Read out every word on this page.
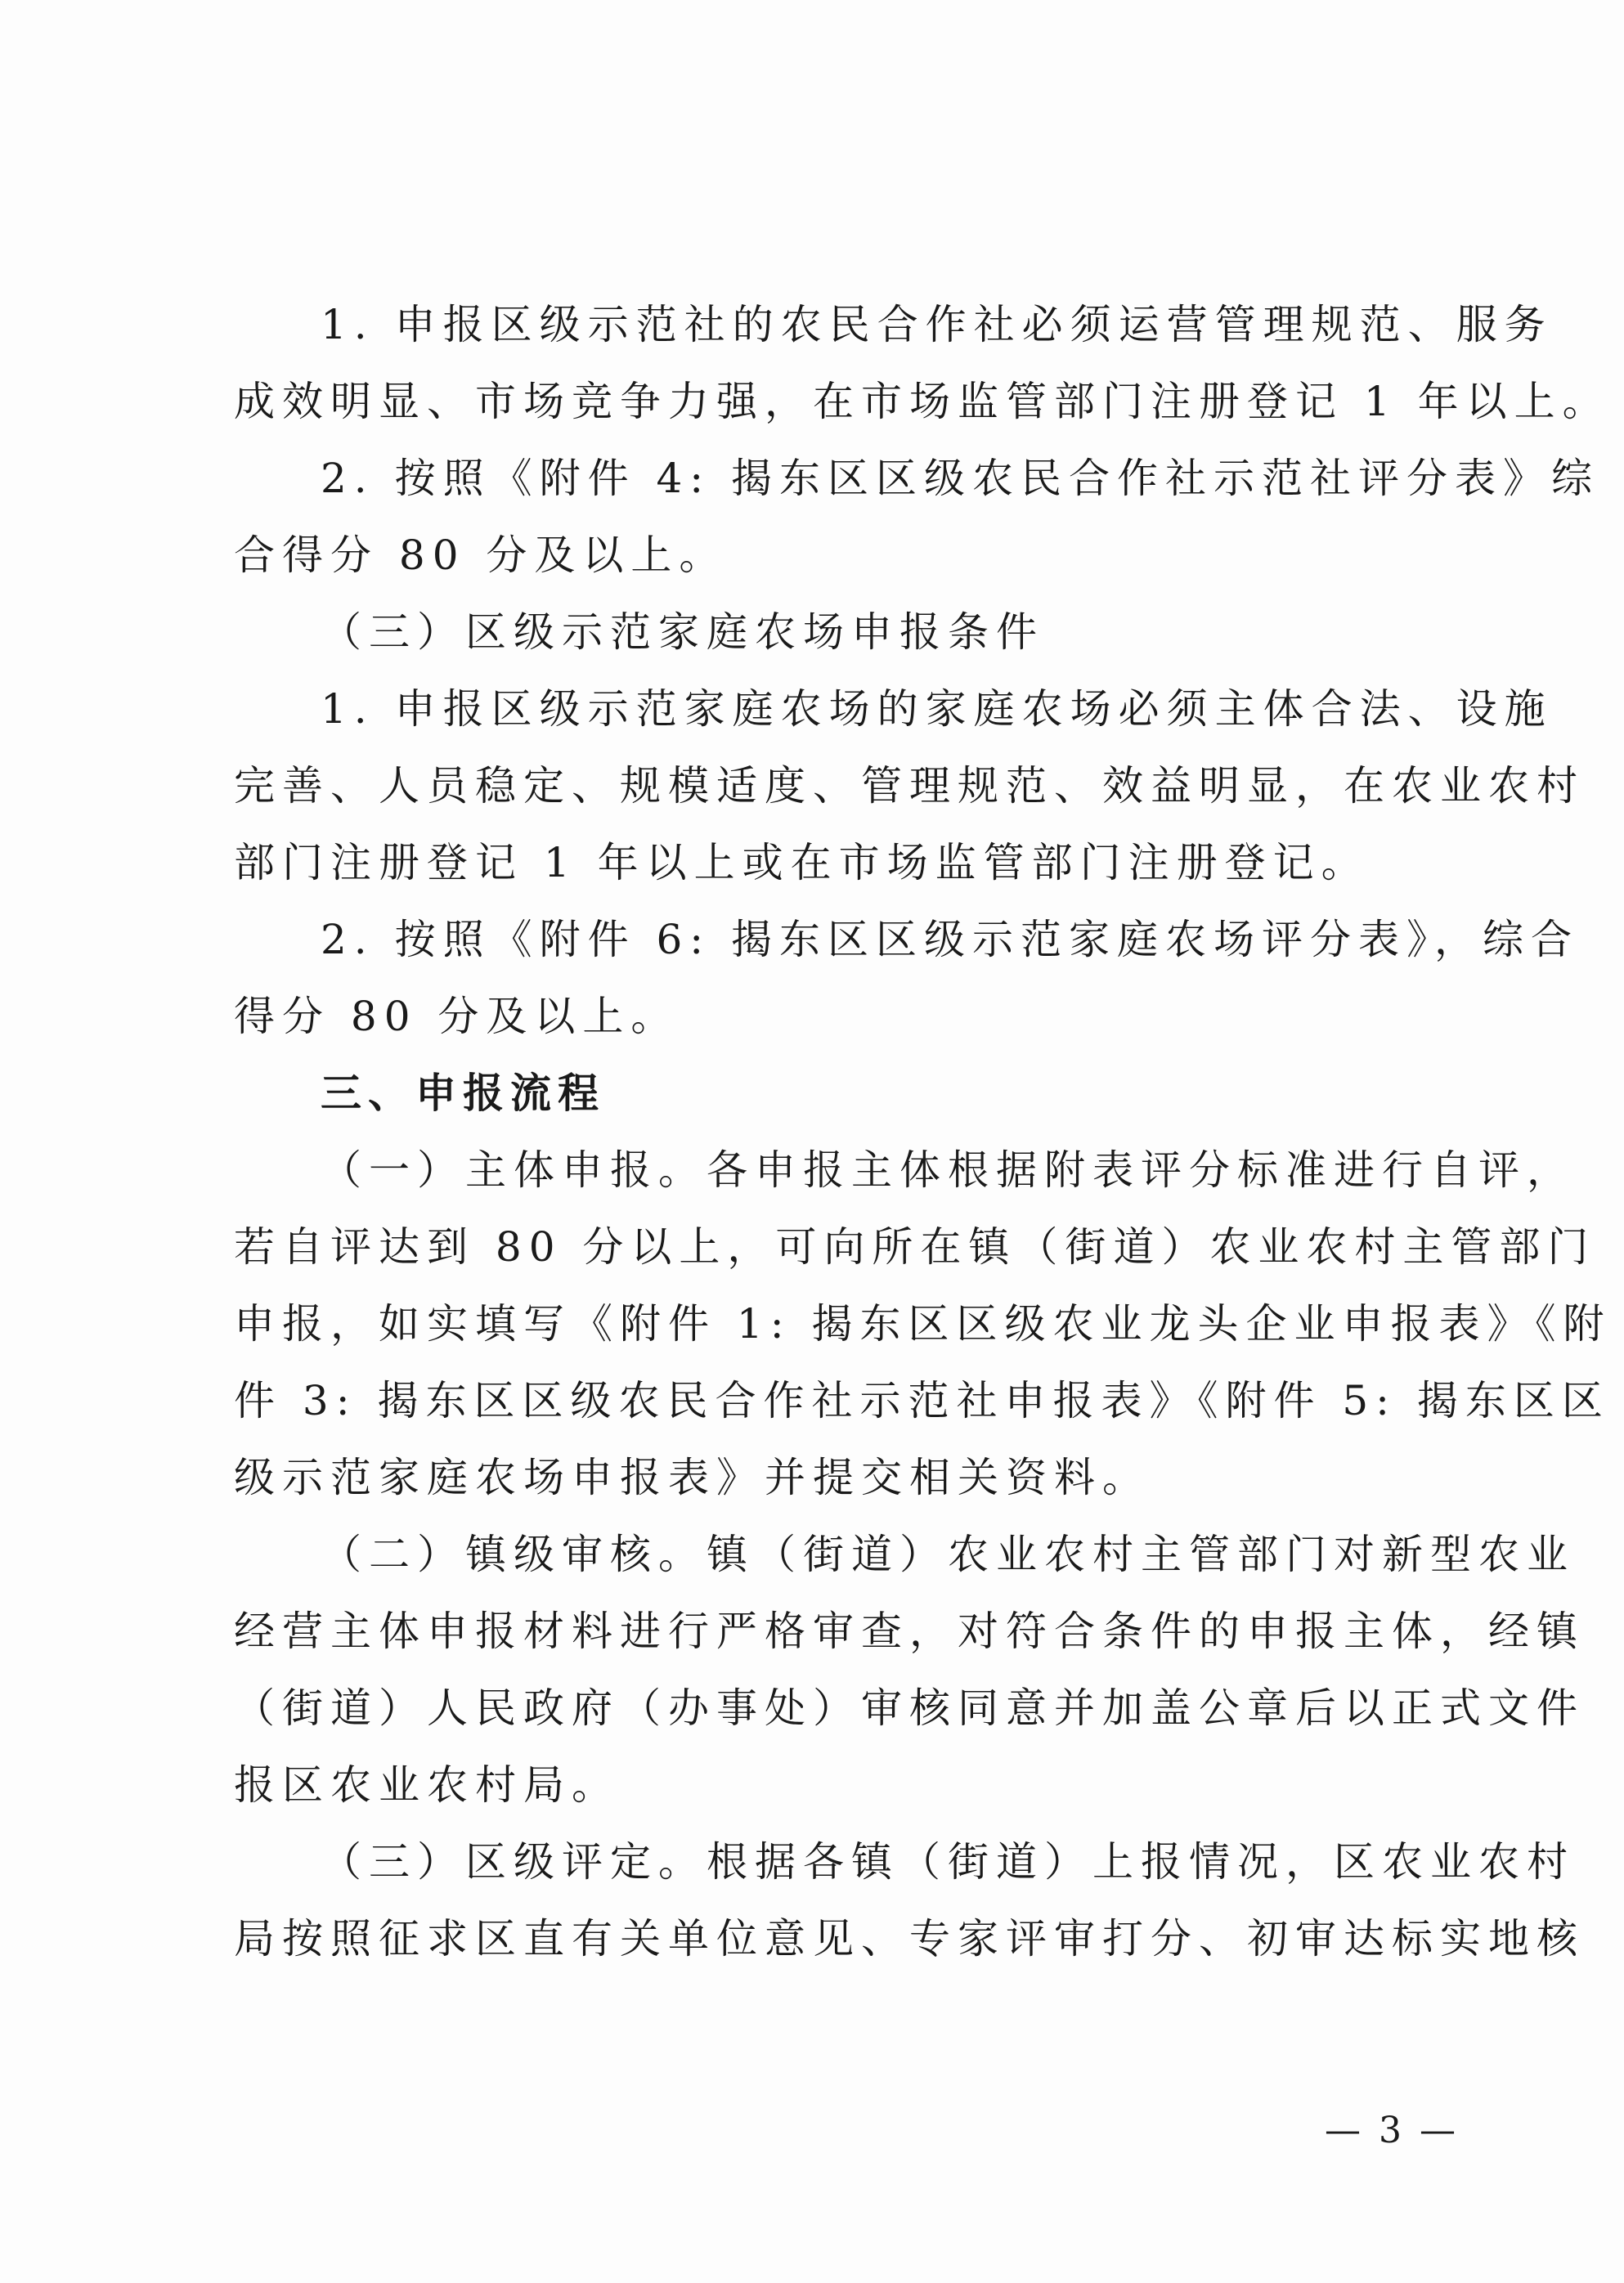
1. 申报区级示范社的农民合作社必须运营管理规范、服务
成效明显、市场竞争力强，在市场监管部门注册登记 1 年以上。
2. 按照《附件 4: 揭东区区级农民合作社示范社评分表》综
合得分 80 分及以上。
（三）区级示范家庭农场申报条件
1. 申报区级示范家庭农场的家庭农场必须主体合法、设施
完善、人员稳定、规模适度、管理规范、效益明显，在农业农村
部门注册登记 1 年以上或在市场监管部门注册登记。
2. 按照《附件 6: 揭东区区级示范家庭农场评分表》，综合
得分 80 分及以上。
三、申报流程
（一）主体申报。各申报主体根据附表评分标准进行自评，
若自评达到 80 分以上，可向所在镇（街道）农业农村主管部门
申报，如实填写《附件 1: 揭东区区级农业龙头企业申报表》《附
件 3: 揭东区区级农民合作社示范社申报表》《附件 5: 揭东区区
级示范家庭农场申报表》并提交相关资料。
（二）镇级审核。镇（街道）农业农村主管部门对新型农业
经营主体申报材料进行严格审查，对符合条件的申报主体，经镇
（街道）人民政府（办事处）审核同意并加盖公章后以正式文件
报区农业农村局。
（三）区级评定。根据各镇（街道）上报情况，区农业农村
局按照征求区直有关单位意见、专家评审打分、初审达标实地核
— 3 —
